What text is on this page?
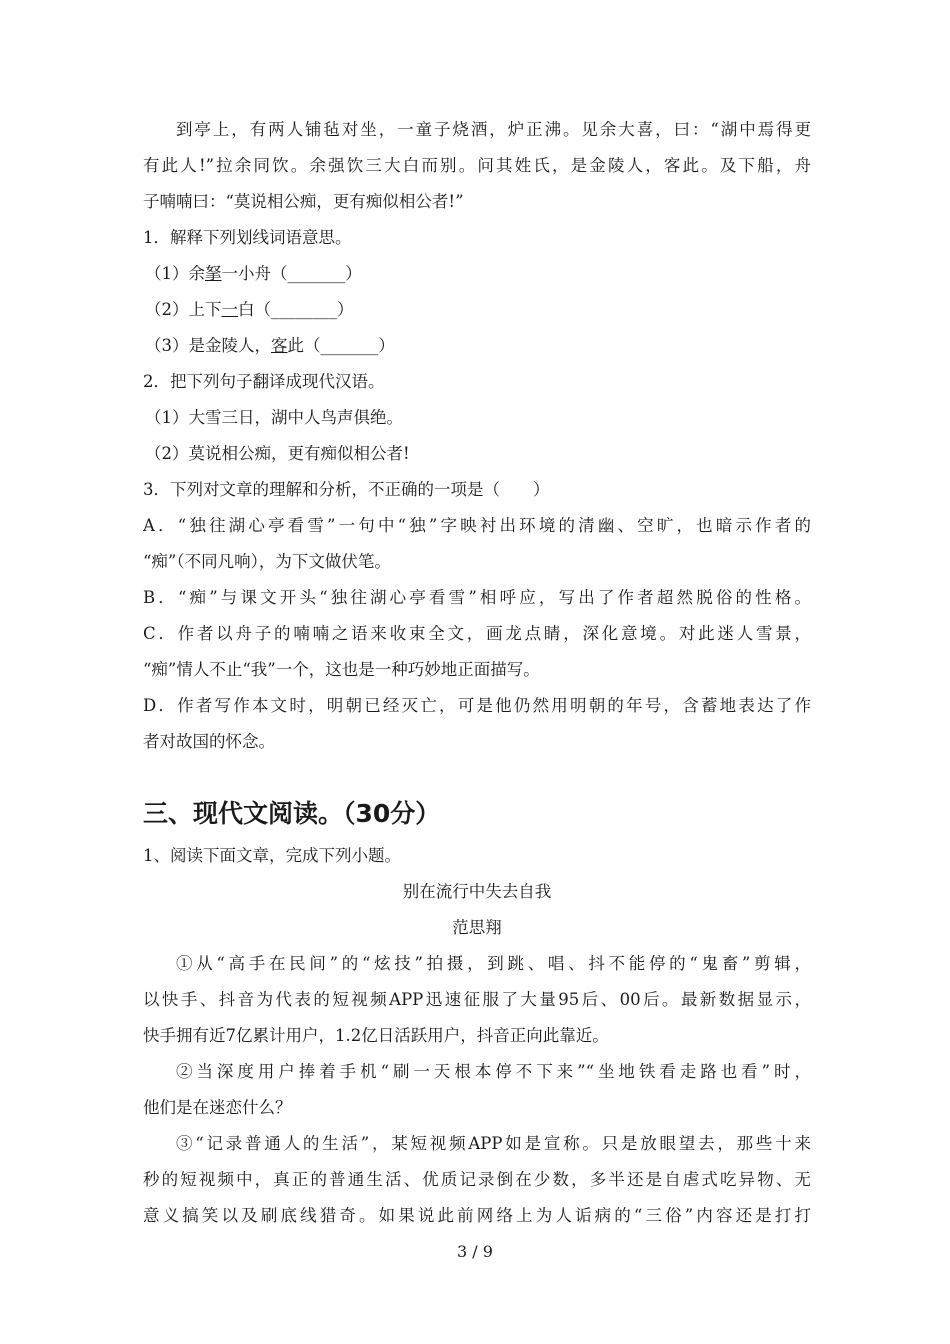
到亭上，有两人铺毡对坐，一童子烧酒，炉正沸。见余大喜，曰：“湖中焉得更
有此人!”拉余同饮。余强饮三大白而别。问其姓氏，是金陵人，客此。及下船，舟
子喃喃曰：“莫说相公痴，更有痴似相公者!”
1．解释下列划线词语意思。
（1）余拏一小舟（_______）
（2）上下一白（________）
（3）是金陵人，客此（_______）
2．把下列句子翻译成现代汉语。
（1）大雪三日，湖中人鸟声俱绝。
（2）莫说相公痴，更有痴似相公者!
3．下列对文章的理解和分析，不正确的一项是（　　）
A．“独往湖心亭看雪”一句中“独”字映衬出环境的清幽、空旷，也暗示作者的
“痴”（不同凡响），为下文做伏笔。
B．“痴”与课文开头“独往湖心亭看雪”相呼应，写出了作者超然脱俗的性格。
C．作者以舟子的喃喃之语来收束全文，画龙点睛，深化意境。对此迷人雪景，
“痴”情人不止“我”一个，这也是一种巧妙地正面描写。
D．作者写作本文时，明朝已经灭亡，可是他仍然用明朝的年号，含蓄地表达了作
者对故国的怀念。
三、现代文阅读。（30分）
1、阅读下面文章，完成下列小题。
别在流行中失去自我
范思翔
①从“高手在民间”的“炫技”拍摄，到跳、唱、抖不能停的“鬼畜”剪辑，
以快手、抖音为代表的短视频APP迅速征服了大量95后、00后。最新数据显示，
快手拥有近7亿累计用户，1.2亿日活跃用户，抖音正向此靠近。
②当深度用户捧着手机“刷一天根本停不下来”“坐地铁看走路也看”时，
他们是在迷恋什么？
③“记录普通人的生活”，某短视频APP如是宣称。只是放眼望去，那些十来
秒的短视频中，真正的普通生活、优质记录倒在少数，多半还是自虐式吃异物、无
意义搞笑以及刷底线猎奇。如果说此前网络上为人诟病的“三俗”内容还是打打
3 / 9
